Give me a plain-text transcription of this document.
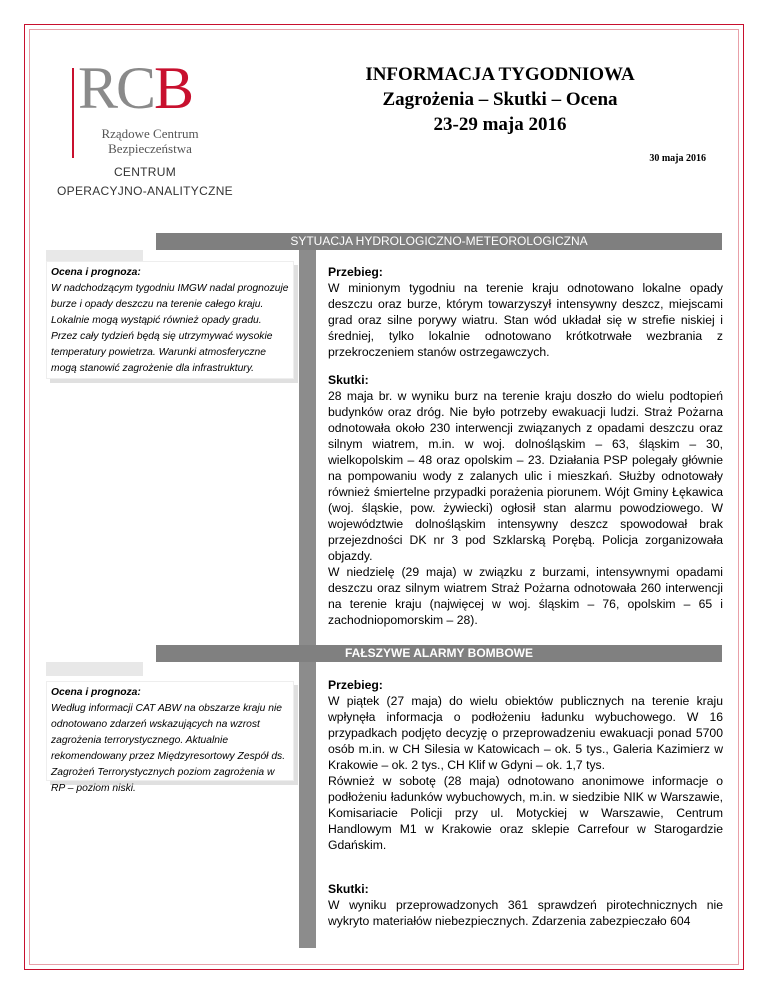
RCB
Rządowe Centrum
Bezpieczeństwa
CENTRUM
OPERACYJNO-ANALITYCZNE
INFORMACJA TYGODNIOWA
Zagrożenia – Skutki – Ocena
23-29 maja 2016
30 maja 2016
SYTUACJA HYDROLOGICZNO-METEOROLOGICZNA
Ocena i prognoza:
W nadchodzącym tygodniu IMGW nadal prognozuje burze i opady deszczu na terenie całego kraju. Lokalnie mogą wystąpić również opady gradu. Przez cały tydzień będą się utrzymywać wysokie temperatury powietrza. Warunki atmosferyczne mogą stanowić zagrożenie dla infrastruktury.

Przebieg:

W minionym tygodniu na terenie kraju odnotowano lokalne opady deszczu oraz burze, którym towarzyszył intensywny deszcz, miejscami grad oraz silne porywy wiatru. Stan wód układał się w strefie niskiej i średniej, tylko lokalnie odnotowano krótkotrwałe wezbrania z przekroczeniem stanów ostrzegawczych.

Skutki:

28 maja br. w wyniku burz na terenie kraju doszło do wielu podtopień budynków oraz dróg. Nie było potrzeby ewakuacji ludzi. Straż Pożarna odnotowała około 230 interwencji związanych z opadami deszczu oraz silnym wiatrem, m.in. w woj. dolnośląskim – 63, śląskim – 30, wielkopolskim – 48 oraz opolskim – 23. Działania PSP polegały głównie na pompowaniu wody z zalanych ulic i mieszkań. Służby odnotowały również śmiertelne przypadki porażenia piorunem. Wójt Gminy Łękawica (woj. śląskie, pow. żywiecki) ogłosił stan alarmu powodziowego. W województwie dolnośląskim intensywny deszcz spowodował brak przejezdności DK nr 3 pod Szklarską Porębą. Policja zorganizowała objazdy.

W niedzielę (29 maja) w związku z burzami, intensywnymi opadami deszczu oraz silnym wiatrem Straż Pożarna odnotowała 260 interwencji na terenie kraju (najwięcej w woj. śląskim – 76, opolskim – 65 i zachodniopomorskim – 28).

FAŁSZYWE ALARMY BOMBOWE
Ocena i prognoza:
Według informacji CAT ABW na obszarze kraju nie odnotowano zdarzeń wskazujących na wzrost zagrożenia terrorystycznego. Aktualnie rekomendowany przez Międzyresortowy Zespół ds. Zagrożeń Terrorystycznych poziom zagrożenia w RP – poziom niski.

Przebieg:

W piątek (27 maja) do wielu obiektów publicznych na terenie kraju wpłynęła informacja o podłożeniu ładunku wybuchowego. W 16 przypadkach podjęto decyzję o przeprowadzeniu ewakuacji ponad 5700 osób m.in. w CH Silesia w Katowicach – ok. 5 tys., Galeria Kazimierz w Krakowie – ok. 2 tys., CH Klif w Gdyni – ok. 1,7 tys.

Również w sobotę (28 maja) odnotowano anonimowe informacje o podłożeniu ładunków wybuchowych, m.in. w siedzibie NIK w Warszawie, Komisariacie Policji przy ul. Motyckiej w Warszawie, Centrum Handlowym M1 w Krakowie oraz sklepie Carrefour w Starogardzie Gdańskim.

Skutki:

W wyniku przeprowadzonych 361 sprawdzeń pirotechnicznych nie wykryto materiałów niebezpiecznych. Zdarzenia zabezpieczało 604
